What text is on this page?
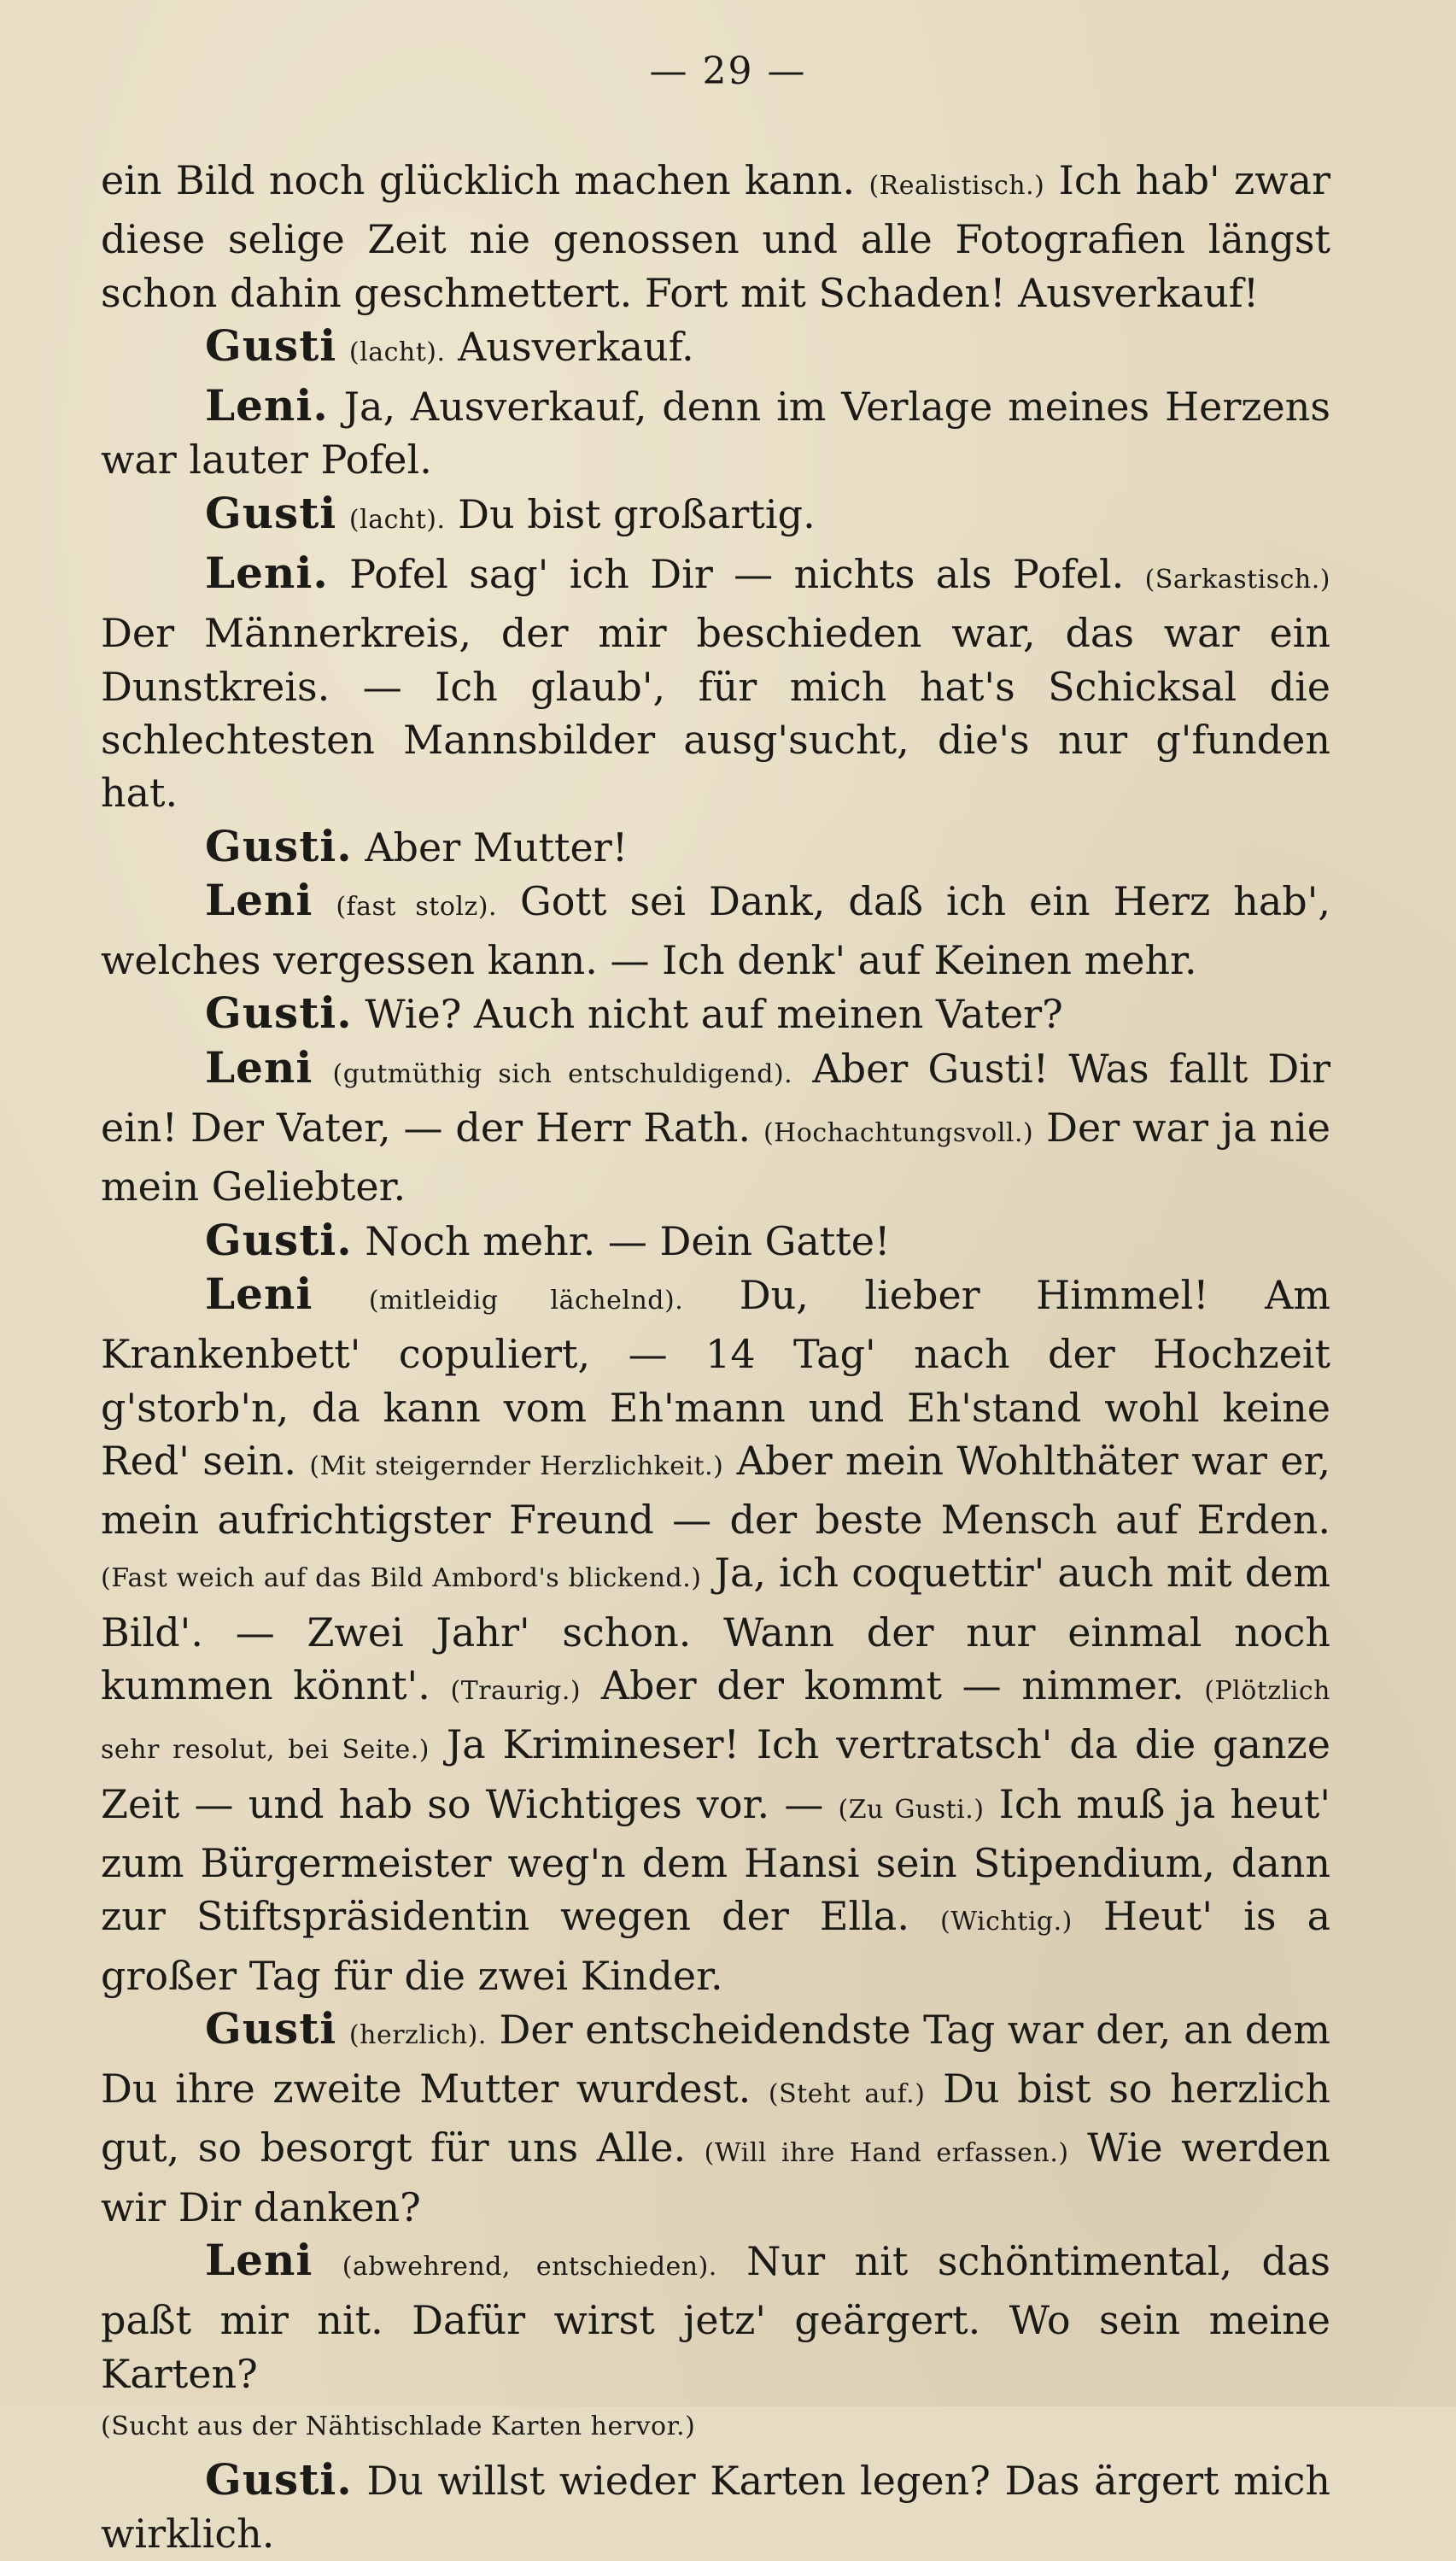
— 29 —

ein Bild noch glücklich machen kann. (Realistisch.) Ich hab' zwar diese selige Zeit nie genossen und alle Fotografien längst schon dahin geschmettert. Fort mit Schaden! Ausverkauf!

Gusti (lacht). Ausverkauf.

Leni. Ja, Ausverkauf, denn im Verlage meines Herzens war lauter Pofel.

Gusti (lacht). Du bist großartig.

Leni. Pofel sag' ich Dir — nichts als Pofel. (Sarkastisch.) Der Männerkreis, der mir beschieden war, das war ein Dunstkreis. — Ich glaub', für mich hat's Schicksal die schlechtesten Mannsbilder ausg'sucht, die's nur g'funden hat.

Gusti. Aber Mutter!

Leni (fast stolz). Gott sei Dank, daß ich ein Herz hab', welches vergessen kann. — Ich denk' auf Keinen mehr.

Gusti. Wie? Auch nicht auf meinen Vater?

Leni (gutmüthig sich entschuldigend). Aber Gusti! Was fallt Dir ein! Der Vater, — der Herr Rath. (Hochachtungsvoll.) Der war ja nie mein Geliebter.

Gusti. Noch mehr. — Dein Gatte!

Leni (mitleidig lächelnd). Du, lieber Himmel! Am Krankenbett' copuliert, — 14 Tag' nach der Hochzeit g'storb'n, da kann vom Eh'mann und Eh'stand wohl keine Red' sein. (Mit steigernder Herzlichkeit.) Aber mein Wohlthäter war er, mein aufrichtigster Freund — der beste Mensch auf Erden. (Fast weich auf das Bild Ambord's blickend.) Ja, ich coquettir' auch mit dem Bild'. — Zwei Jahr' schon. Wann der nur einmal noch kummen könnt'. (Traurig.) Aber der kommt — nimmer. (Plötzlich sehr resolut, bei Seite.) Ja Krimineser! Ich vertratsch' da die ganze Zeit — und hab so Wichtiges vor. — (Zu Gusti.) Ich muß ja heut' zum Bürgermeister weg'n dem Hansi sein Stipendium, dann zur Stiftspräsidentin wegen der Ella. (Wichtig.) Heut' is a großer Tag für die zwei Kinder.

Gusti (herzlich). Der entscheidendste Tag war der, an dem Du ihre zweite Mutter wurdest. (Steht auf.) Du bist so herzlich gut, so besorgt für uns Alle. (Will ihre Hand erfassen.) Wie werden wir Dir danken?

Leni (abwehrend, entschieden). Nur nit schöntimental, das paßt mir nit. Dafür wirst jetz' geärgert. Wo sein meine Karten?

(Sucht aus der Nähtischlade Karten hervor.)

Gusti. Du willst wieder Karten legen? Das ärgert mich wirklich.
